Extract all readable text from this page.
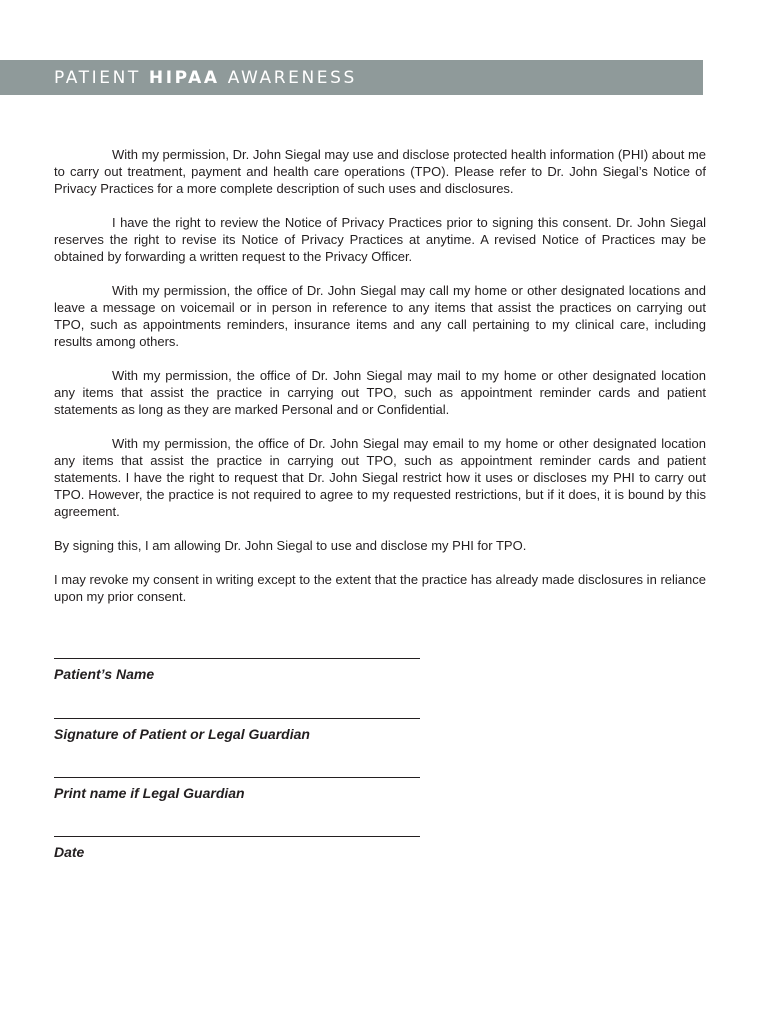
PATIENT HIPAA AWARENESS

With my permission, Dr. John Siegal may use and disclose protected health information (PHI) about me to carry out treatment, payment and health care operations (TPO). Please refer to Dr. John Siegal’s Notice of Privacy Practices for a more complete description of such uses and disclosures.

I have the right to review the Notice of Privacy Practices prior to signing this consent. Dr. John Siegal reserves the right to revise its Notice of Privacy Practices at anytime. A revised Notice of Practices may be obtained by forwarding a written request to the Privacy Officer.

With my permission, the office of Dr. John Siegal may call my home or other designated locations and leave a message on voicemail or in person in reference to any items that assist the practices on carrying out TPO, such as appointments reminders, insurance items and any call pertaining to my clinical care, including results among others.

With my permission, the office of Dr. John Siegal may mail to my home or other designated location any items that assist the practice in carrying out TPO, such as appointment reminder cards and patient statements as long as they are marked Personal and or Confidential.

With my permission, the office of Dr. John Siegal may email to my home or other designated location any items that assist the practice in carrying out TPO, such as appointment reminder cards and patient statements. I have the right to request that Dr. John Siegal restrict how it uses or discloses my PHI to carry out TPO. However, the practice is not required to agree to my requested restrictions, but if it does, it is bound by this agreement.

By signing this, I am allowing Dr. John Siegal to use and disclose my PHI for TPO.

I may revoke my consent in writing except to the extent that the practice has already made disclosures in reliance upon my prior consent.

Patient’s Name
Signature of Patient or Legal Guardian
Print name if Legal Guardian
Date
